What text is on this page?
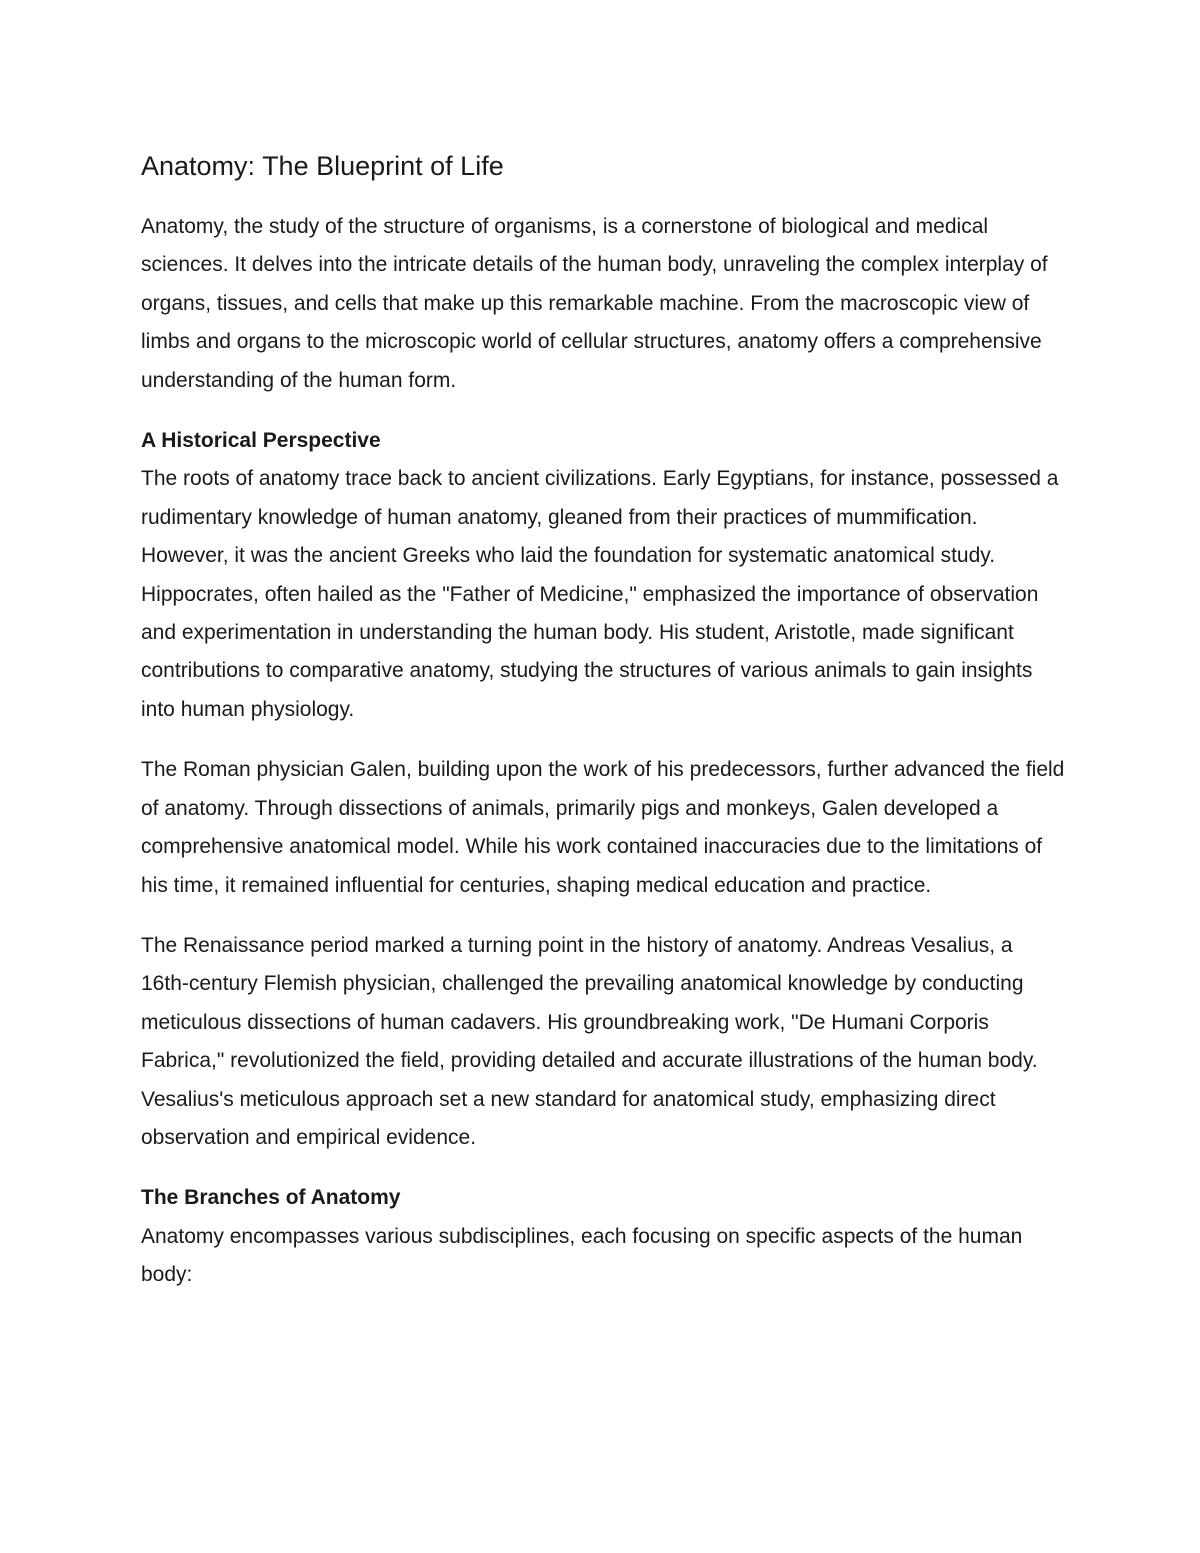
Anatomy: The Blueprint of Life

Anatomy, the study of the structure of organisms, is a cornerstone of biological and medical sciences. It delves into the intricate details of the human body, unraveling the complex interplay of organs, tissues, and cells that make up this remarkable machine. From the macroscopic view of limbs and organs to the microscopic world of cellular structures, anatomy offers a comprehensive understanding of the human form.

A Historical Perspective

The roots of anatomy trace back to ancient civilizations. Early Egyptians, for instance, possessed a rudimentary knowledge of human anatomy, gleaned from their practices of mummification. However, it was the ancient Greeks who laid the foundation for systematic anatomical study. Hippocrates, often hailed as the "Father of Medicine," emphasized the importance of observation and experimentation in understanding the human body. His student, Aristotle, made significant contributions to comparative anatomy, studying the structures of various animals to gain insights into human physiology.

The Roman physician Galen, building upon the work of his predecessors, further advanced the field of anatomy. Through dissections of animals, primarily pigs and monkeys, Galen developed a comprehensive anatomical model. While his work contained inaccuracies due to the limitations of his time, it remained influential for centuries, shaping medical education and practice.

The Renaissance period marked a turning point in the history of anatomy. Andreas Vesalius, a 16th-century Flemish physician, challenged the prevailing anatomical knowledge by conducting meticulous dissections of human cadavers. His groundbreaking work, "De Humani Corporis Fabrica," revolutionized the field, providing detailed and accurate illustrations of the human body. Vesalius's meticulous approach set a new standard for anatomical study, emphasizing direct observation and empirical evidence.

The Branches of Anatomy

Anatomy encompasses various subdisciplines, each focusing on specific aspects of the human body:
